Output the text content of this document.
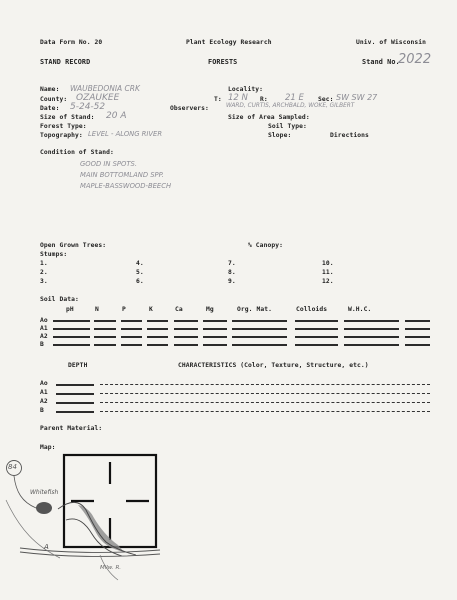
Data Form No. 20	Plant Ecology Research	Univ. of Wisconsin
STAND RECORD	FORESTS	Stand No.
2022
Name: WAUBEDONIA CRK
County: OZAUKEE
Date: 5-24-52
Size of Stand: 20 A
Forest Type:
Topography: LEVEL - ALONG RIVER
Locality:
T: 12 N R: 21 E Sec: SW SW 27
Observers:	WARD, CURTIS, ARCHBALD, WOKE, GILBERT
Size of Area Sampled:
Soil Type:
Slope:	Directions
Condition of Stand:
GOOD IN SPOTS.
MAIN BOTTOMLAND SPP.
MAPLE-BASSWOOD-BEECH
Open Grown Trees:	% Canopy:
Stumps:
1.
2.
3.
4.
5.
6.
7.
8.
9.
10.
11.
12.
Soil Data:
pH	N	P	K	Ca	Mg	Org. Mat.	Colloids	W.H.C.
Ao
A1
A2
B
DEPTH	CHARACTERISTICS (Color, Texture, Structure, etc.)
Ao
A1
A2
B
Parent Material:
Map:
84
Whitefish
Milw. R.
A
